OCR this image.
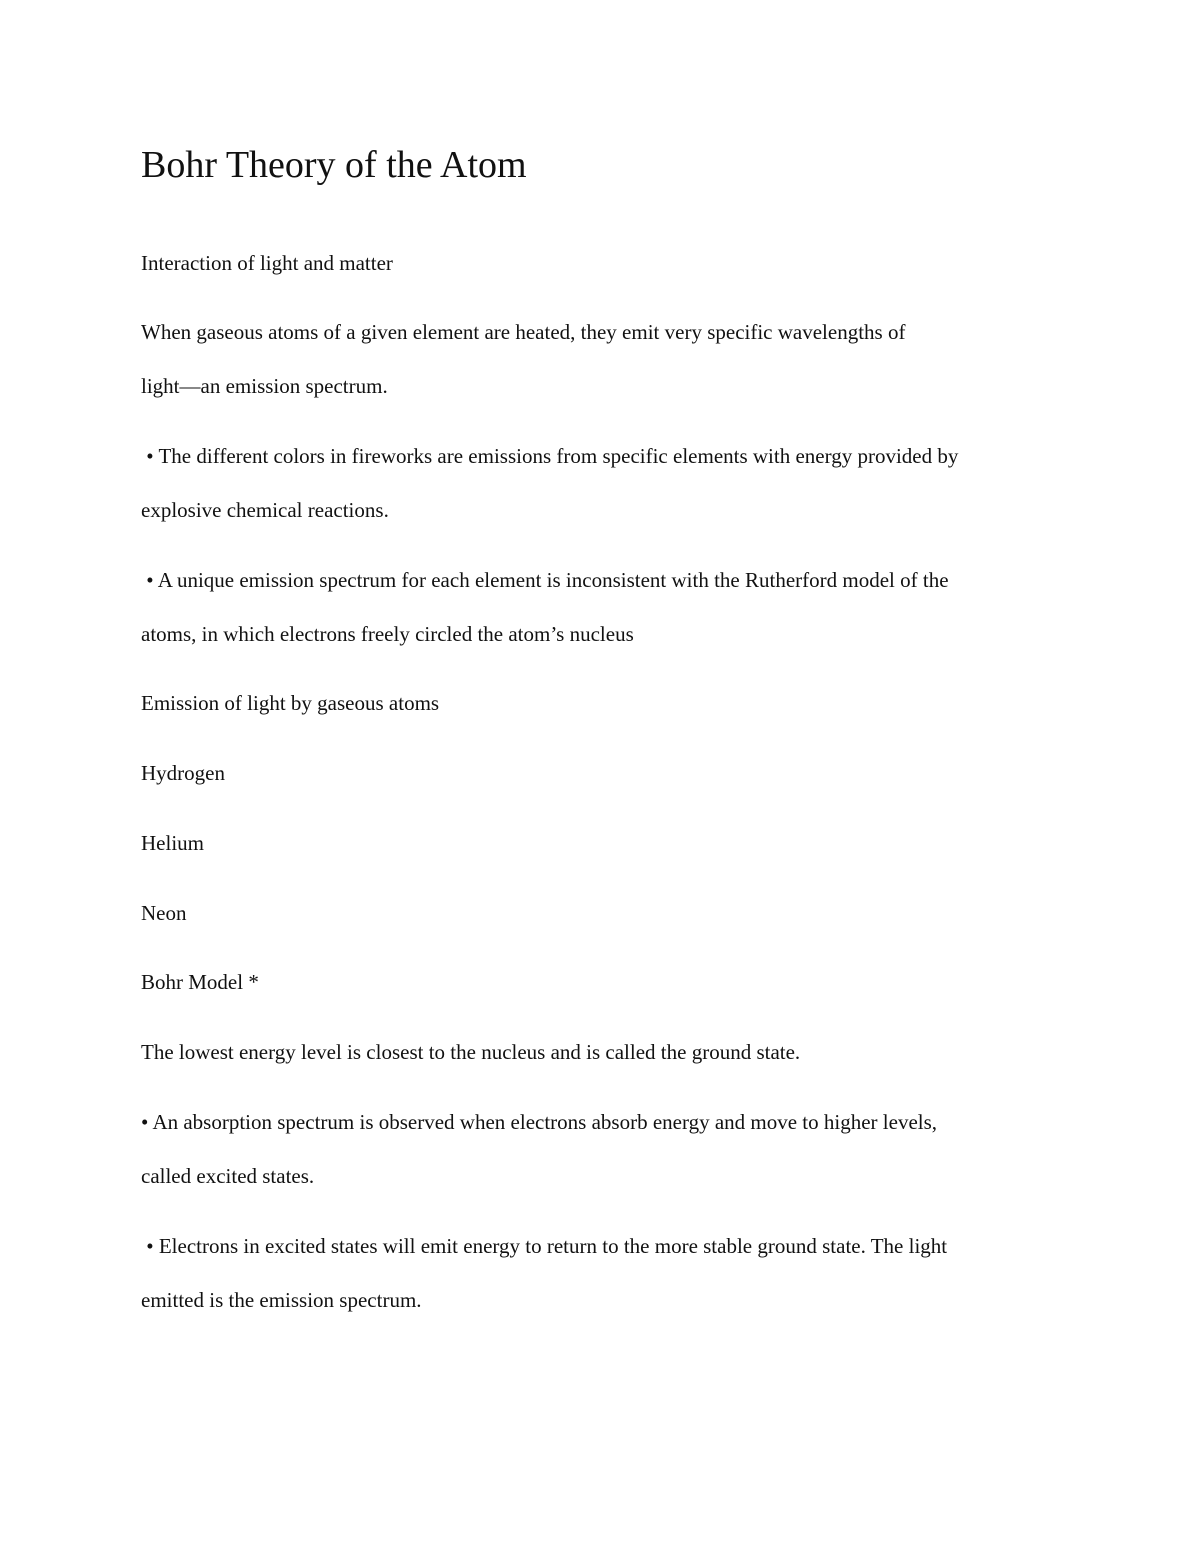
Bohr Theory of the Atom

Interaction of light and matter

When gaseous atoms of a given element are heated, they emit very specific wavelengths of

light—an emission spectrum.

• The different colors in fireworks are emissions from specific elements with energy provided by

explosive chemical reactions.

• A unique emission spectrum for each element is inconsistent with the Rutherford model of the

atoms, in which electrons freely circled the atom’s nucleus

Emission of light by gaseous atoms

Hydrogen

Helium

Neon

Bohr Model *

The lowest energy level is closest to the nucleus and is called the ground state.

• An absorption spectrum is observed when electrons absorb energy and move to higher levels,

called excited states.

• Electrons in excited states will emit energy to return to the more stable ground state. The light

emitted is the emission spectrum.
